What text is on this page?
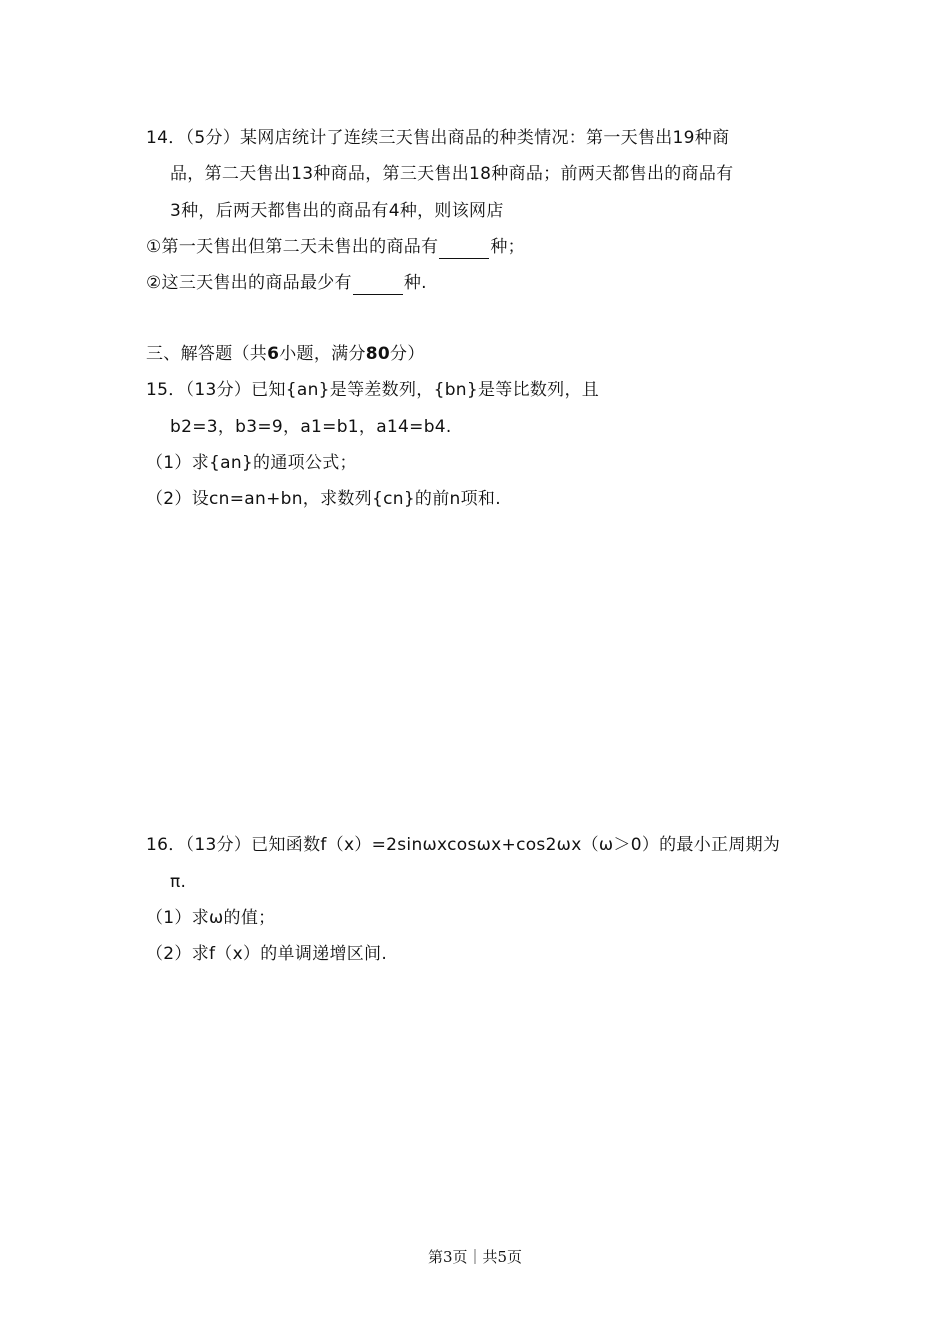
14．（5分）某网店统计了连续三天售出商品的种类情况：第一天售出19种商
品，第二天售出13种商品，第三天售出18种商品；前两天都售出的商品有
3种，后两天都售出的商品有4种，则该网店
①第一天售出但第二天未售出的商品有	种；
②这三天售出的商品最少有	种.
三、解答题（共6小题，满分80分）
15．（13分）已知{an}是等差数列，{bn}是等比数列，且
b2=3，b3=9，a1=b1，a14=b4.
（1）求{an}的通项公式；
（2）设cn=an+bn，求数列{cn}的前n项和.
16．（13分）已知函数f（x）=2sinωxcosωx+cos2ωx（ω＞0）的最小正周期为
π.
（1）求ω的值；
（2）求f（x）的单调递增区间.
第3页｜共5页
